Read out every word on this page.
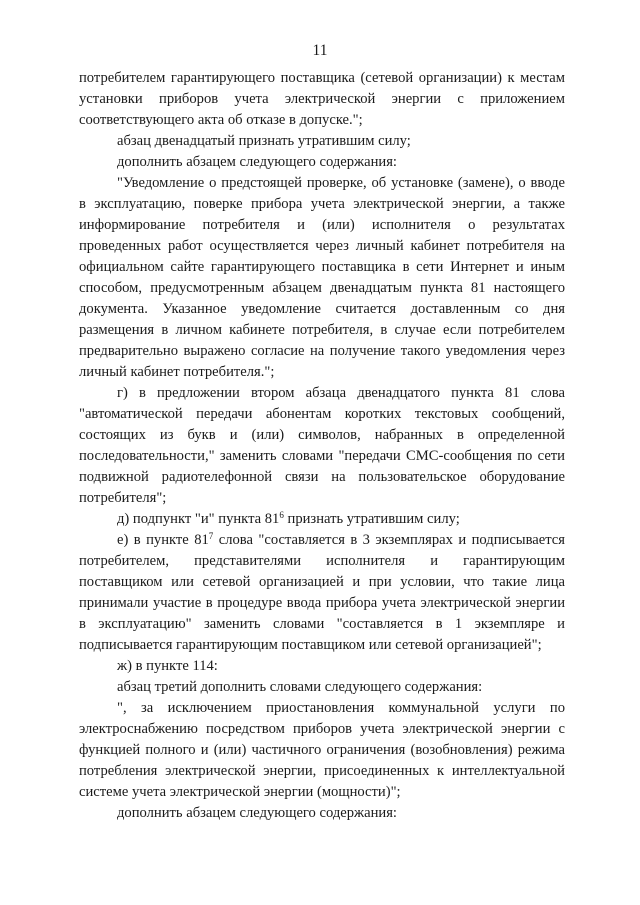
11

потребителем гарантирующего поставщика (сетевой организации) к местам установки приборов учета электрической энергии с приложением соответствующего акта об отказе в допуске.";

абзац двенадцатый признать утратившим силу;

дополнить абзацем следующего содержания:

"Уведомление о предстоящей проверке, об установке (замене), о вводе в эксплуатацию, поверке прибора учета электрической энергии, а также информирование потребителя и (или) исполнителя о результатах проведенных работ осуществляется через личный кабинет потребителя на официальном сайте гарантирующего поставщика в сети Интернет и иным способом, предусмотренным абзацем двенадцатым пункта 81 настоящего документа. Указанное уведомление считается доставленным со дня размещения в личном кабинете потребителя, в случае если потребителем предварительно выражено согласие на получение такого уведомления через личный кабинет потребителя.";

г) в предложении втором абзаца двенадцатого пункта 81 слова "автоматической передачи абонентам коротких текстовых сообщений, состоящих из букв и (или) символов, набранных в определенной последовательности," заменить словами "передачи СМС-сообщения по сети подвижной радиотелефонной связи на пользовательское оборудование потребителя";

д) подпункт "и" пункта $81^6$ признать утратившим силу;

е) в пункте $81^7$ слова "составляется в 3 экземплярах и подписывается потребителем, представителями исполнителя и гарантирующим поставщиком или сетевой организацией и при условии, что такие лица принимали участие в процедуре ввода прибора учета электрической энергии в эксплуатацию" заменить словами "составляется в 1 экземпляре и подписывается гарантирующим поставщиком или сетевой организацией";

ж) в пункте 114:

абзац третий дополнить словами следующего содержания:

", за исключением приостановления коммунальной услуги по электроснабжению посредством приборов учета электрической энергии с функцией полного и (или) частичного ограничения (возобновления) режима потребления электрической энергии, присоединенных к интеллектуальной системе учета электрической энергии (мощности)";

дополнить абзацем следующего содержания:
